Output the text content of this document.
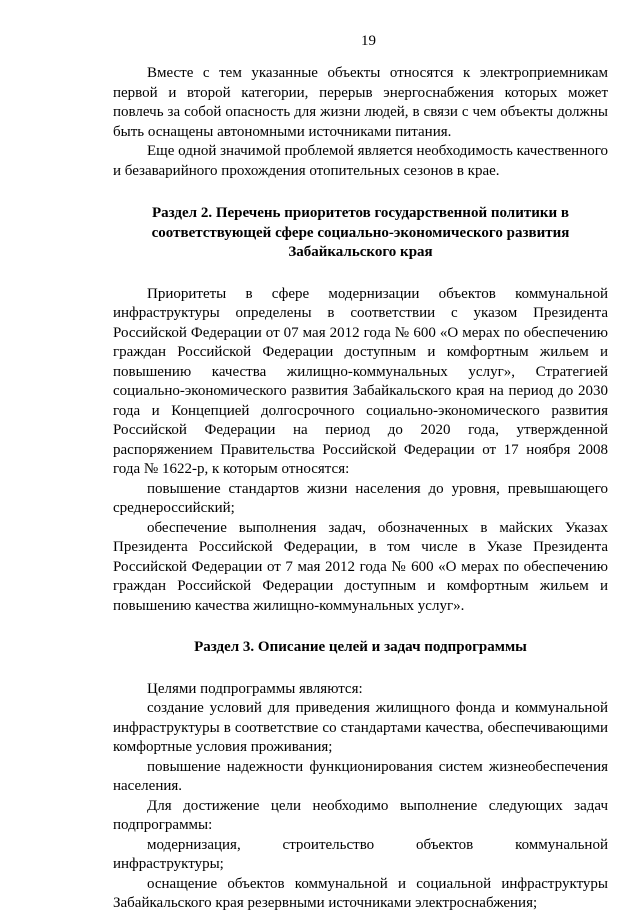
19

Вместе с тем указанные объекты относятся к электроприемникам первой и второй категории, перерыв энергоснабжения которых может повлечь за собой опасность для жизни людей, в связи с чем объекты должны быть оснащены автономными источниками питания.

Еще одной значимой проблемой является необходимость качественного и безаварийного прохождения отопительных сезонов в крае.

Раздел 2. Перечень приоритетов государственной политики в соответствующей сфере социально-экономического развития Забайкальского края

Приоритеты в сфере модернизации объектов коммунальной инфраструктуры определены в соответствии с указом Президента Российской Федерации от 07 мая 2012 года № 600 «О мерах по обеспечению граждан Российской Федерации доступным и комфортным жильем и повышению качества жилищно-коммунальных услуг», Стратегией социально-экономического развития Забайкальского края на период до 2030 года и Концепцией долгосрочного социально-экономического развития Российской Федерации на период до 2020 года, утвержденной распоряжением Правительства Российской Федерации от 17 ноября 2008 года № 1622-р, к которым относятся:

повышение стандартов жизни населения до уровня, превышающего среднероссийский;

обеспечение выполнения задач, обозначенных в майских Указах Президента Российской Федерации, в том числе в Указе Президента Российской Федерации от 7 мая 2012 года № 600 «О мерах по обеспечению граждан Российской Федерации доступным и комфортным жильем и повышению качества жилищно-коммунальных услуг».

Раздел 3. Описание целей и задач подпрограммы

Целями подпрограммы являются:

создание условий для приведения жилищного фонда и коммунальной инфраструктуры в соответствие со стандартами качества, обеспечивающими комфортные условия проживания;

повышение надежности функционирования систем жизнеобеспечения населения.

Для достижение цели необходимо выполнение следующих задач подпрограммы:

модернизация, строительство объектов коммунальной инфраструктуры;

оснащение объектов коммунальной и социальной инфраструктуры Забайкальского края резервными источниками электроснабжения;
